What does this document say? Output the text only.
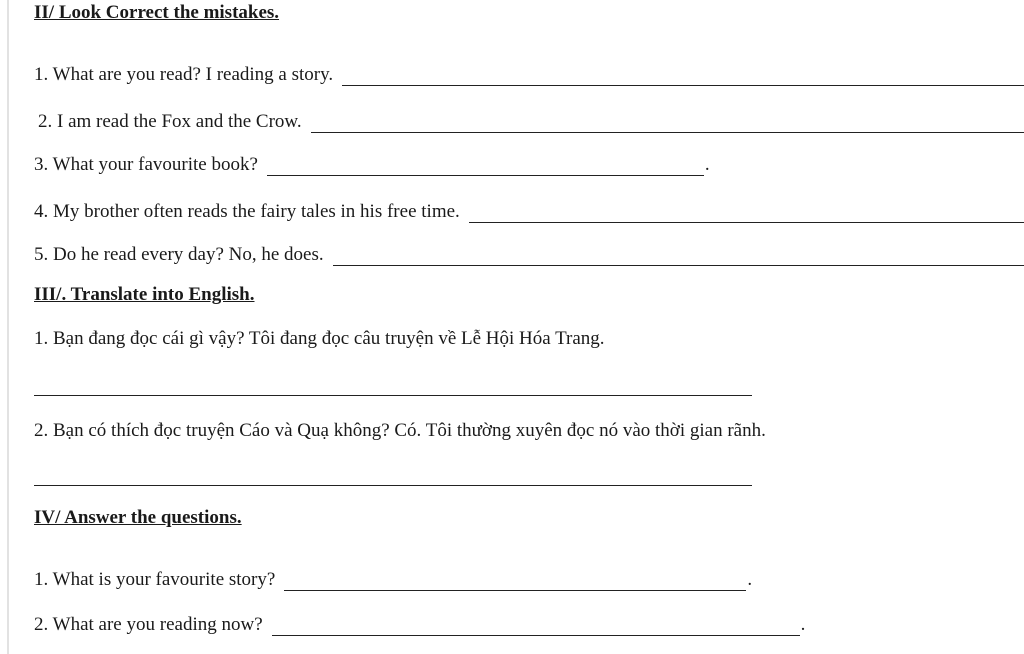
II/ Look Correct the mistakes.
1. What are you read? I reading a story.
2. I am read the Fox and the Crow.
3. What your favourite book?	.
4. My brother often reads the fairy tales in his free time.
5. Do he read every day? No, he does.
III/. Translate into English.
1. Bạn đang đọc cái gì vậy? Tôi đang đọc câu truyện về Lễ Hội Hóa Trang.
2. Bạn có thích đọc truyện Cáo và Quạ không? Có. Tôi thường xuyên đọc nó vào thời gian rãnh.
IV/ Answer the questions.
1. What is your favourite story?	.
2. What are you reading now?	.
